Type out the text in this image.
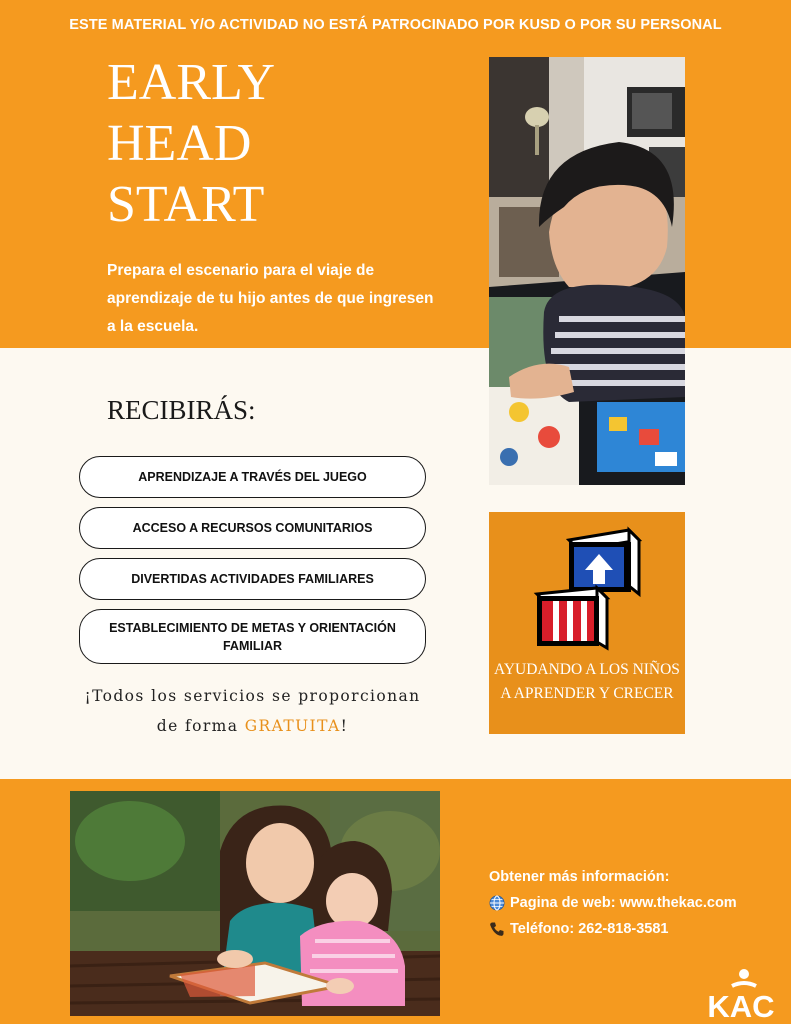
ESTE MATERIAL Y/O ACTIVIDAD NO ESTÁ PATROCINADO POR KUSD O POR SU PERSONAL
EARLY
HEAD
START
Prepara el escenario para el viaje de aprendizaje de tu hijo antes de que ingresen a la escuela.
RECIBIRÁS:
APRENDIZAJE A TRAVÉS DEL JUEGO
ACCESO A RECURSOS COMUNITARIOS
DIVERTIDAS ACTIVIDADES FAMILIARES
ESTABLECIMIENTO DE METAS Y ORIENTACIÓN FAMILIAR
¡Todos los servicios se proporcionan de forma GRATUITA!
AYUDANDO A LOS NIÑOS A APRENDER Y CRECER
Obtener más información:
Pagina de web: www.thekac.com
Teléfono: 262-818-3581
KAC
